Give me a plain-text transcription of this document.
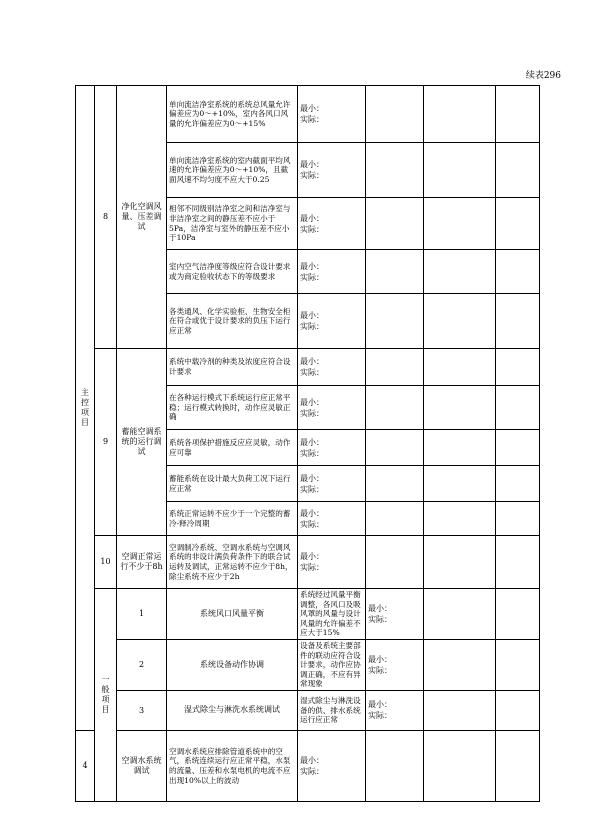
续表296
主控项目	8	净化空调风量、压差调试	单向流洁净室系统的系统总风量允许偏差应为0～+10%，室内各风口风量的允许偏差应为0～+15%	最小：
实际：				

			单向流洁净室系统的室内截面平均风速的允许偏差应为0～+10%，且截面风速不均匀度不应大于0.25	最小：
实际：				

			相邻不同级别洁净室之间和洁净室与非洁净室之间的静压差不应小于5Pa，洁净室与室外的静压差不应小于10Pa	最小：
实际：				

			室内空气洁净度等级应符合设计要求或为商定验收状态下的等级要求	最小：
实际：				

			各类通风、化学实验柜、生物安全柜在符合或优于设计要求的负压下运行应正常	最小：
实际：				

	9	蓄能空调系统的运行调试	系统中载冷剂的种类及浓度应符合设计要求	最小：
实际：				

			在各种运行模式下系统运行应正常平稳；运行模式转换时，动作应灵敏正确	最小：
实际：				

			系统各项保护措施反应应灵敏，动作应可靠	最小：
实际：				

			蓄能系统在设计最大负荷工况下运行应正常	最小：
实际：				

			系统正常运转不应少于一个完整的蓄冷-释冷周期	最小：
实际：				

	10	空调正常运行不少于8h	空调制冷系统、空调水系统与空调风系统的非设计满负荷条件下的联合试运转及调试，正常运转不应少于8h，除尘系统不应少于2h	最小：
实际：				

	一般项目	1	系统风口风量平衡	系统经过风量平衡调整，各风口及吸风罩的风量与设计风量的允许偏差不应大于15%	最小：
实际：			

		2	系统设备动作协调	设备及系统主要部件的联动应符合设计要求，动作应协调正确，不应有异常现象	最小：
实际：			

		3	湿式除尘与淋洗水系统调试	湿式除尘与淋洗设备的供、排水系统运行应正常	最小：
实际：			

4		空调水系统调试	空调水系统应排除管道系统中的空气，系统连续运行应正常平稳，水泵的流量、压差和水泵电机的电流不应出现10%以上的波动	最小：
实际：				
